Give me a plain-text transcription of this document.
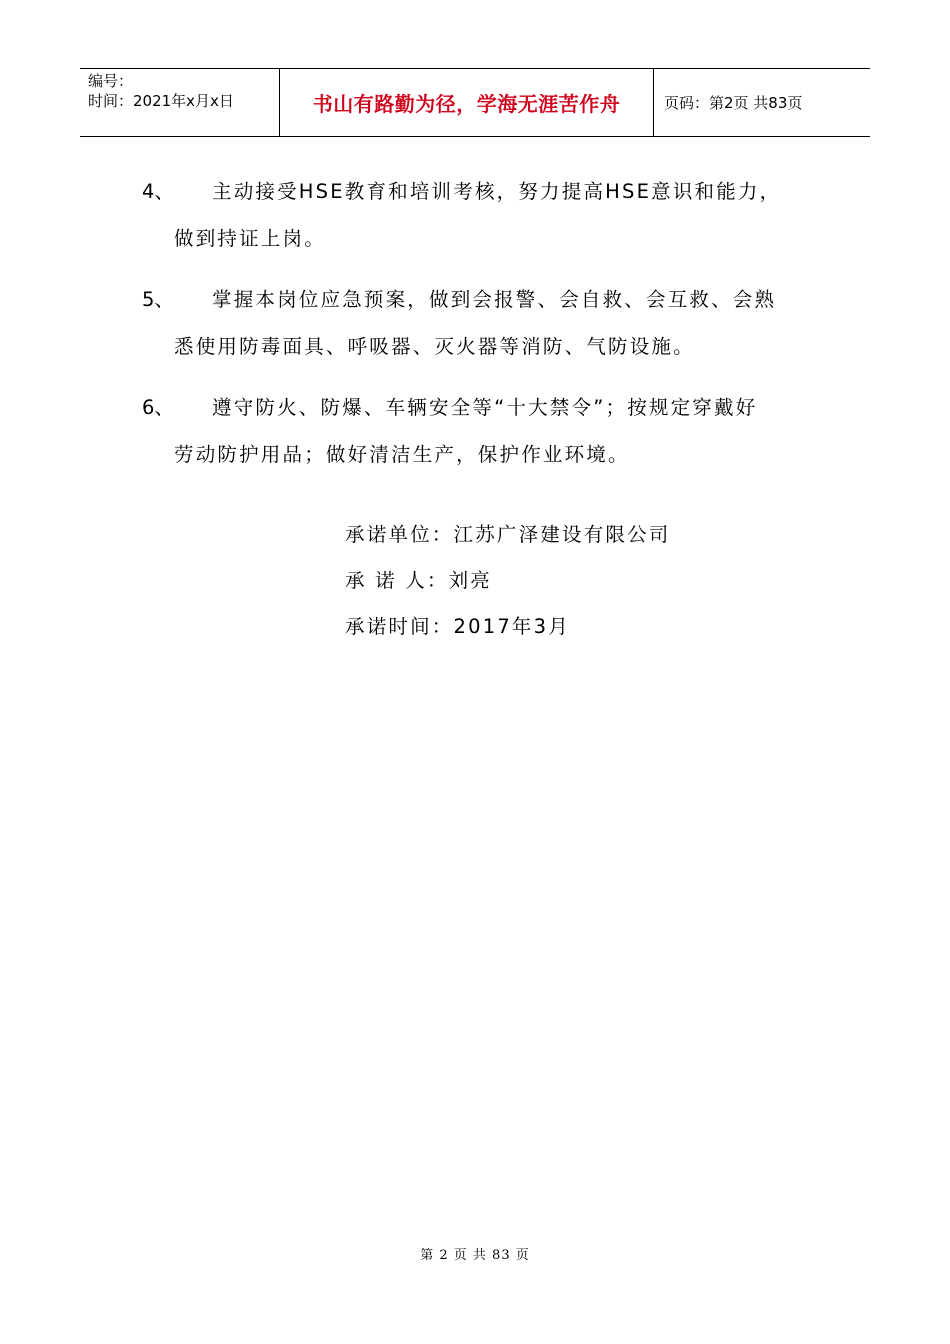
编号：
时间：2021年x月x日	书山有路勤为径，学海无涯苦作舟	页码：第2页 共83页
4、	主动接受HSE教育和培训考核，努力提高HSE意识和能力，
做到持证上岗。
5、	掌握本岗位应急预案，做到会报警、会自救、会互救、会熟
悉使用防毒面具、呼吸器、灭火器等消防、气防设施。
6、	遵守防火、防爆、车辆安全等“十大禁令”；按规定穿戴好
劳动防护用品；做好清洁生产，保护作业环境。
承诺单位：江苏广泽建设有限公司
承 诺 人：刘亮
承诺时间：2017年3月
第 2 页 共 83 页
